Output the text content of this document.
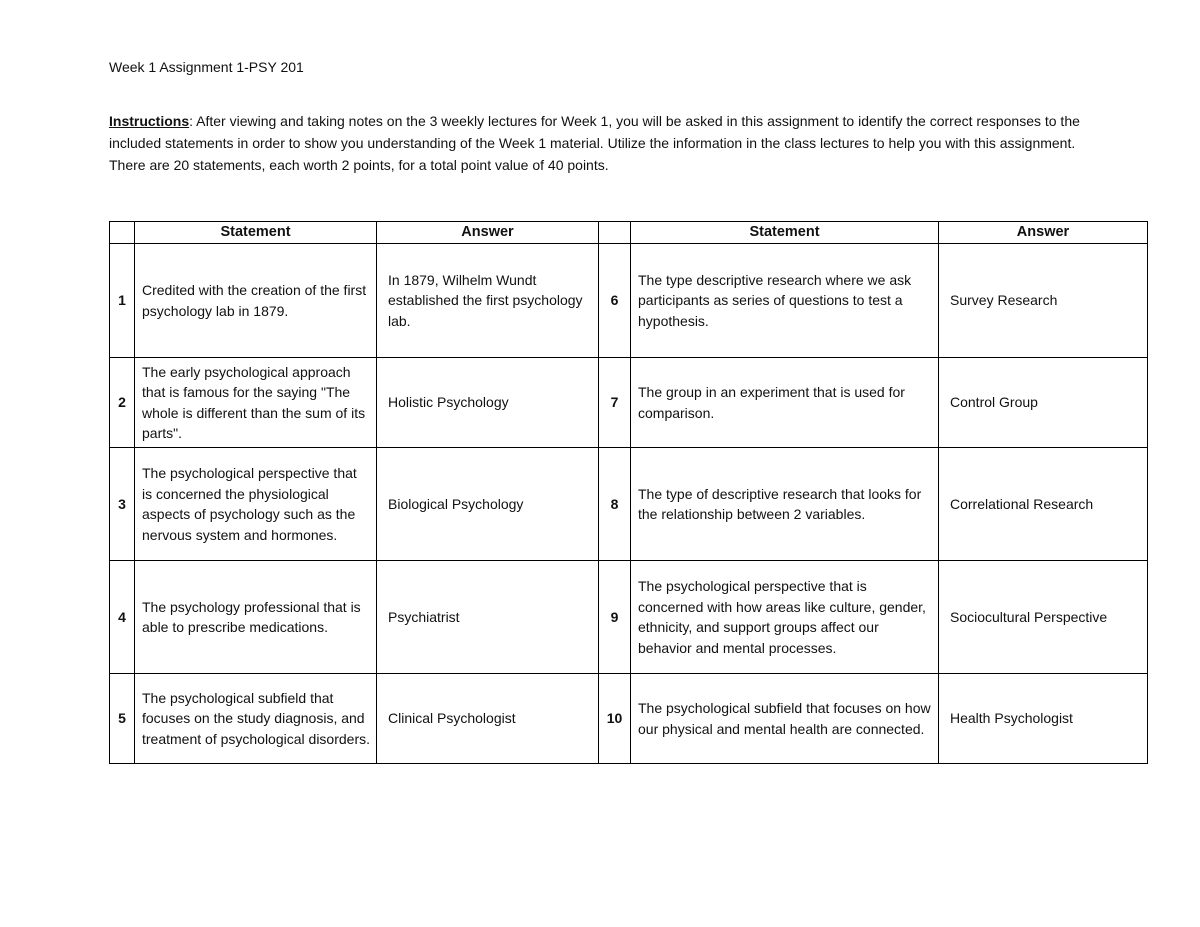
Week 1 Assignment 1-PSY 201
Instructions: After viewing and taking notes on the 3 weekly lectures for Week 1, you will be asked in this assignment to identify the correct responses to the included statements in order to show you understanding of the Week 1 material. Utilize the information in the class lectures to help you with this assignment. There are 20 statements, each worth 2 points, for a total point value of 40 points.
	Statement	Answer		Statement	Answer
1	Credited with the creation of the first psychology lab in 1879.	In 1879, Wilhelm Wundt established the first psychology lab.	6	The type descriptive research where we ask participants as series of questions to test a hypothesis.	Survey Research
2	The early psychological approach that is famous for the saying "The whole is different than the sum of its parts".	Holistic Psychology	7	The group in an experiment that is used for comparison.	Control Group
3	The psychological perspective that is concerned the physiological aspects of psychology such as the nervous system and hormones.	Biological Psychology	8	The type of descriptive research that looks for the relationship between 2 variables.	Correlational Research
4	The psychology professional that is able to prescribe medications.	Psychiatrist	9	The psychological perspective that is concerned with how areas like culture, gender, ethnicity, and support groups affect our behavior and mental processes.	Sociocultural Perspective
5	The psychological subfield that focuses on the study diagnosis, and treatment of psychological disorders.	Clinical Psychologist	10	The psychological subfield that focuses on how our physical and mental health are connected.	Health Psychologist
